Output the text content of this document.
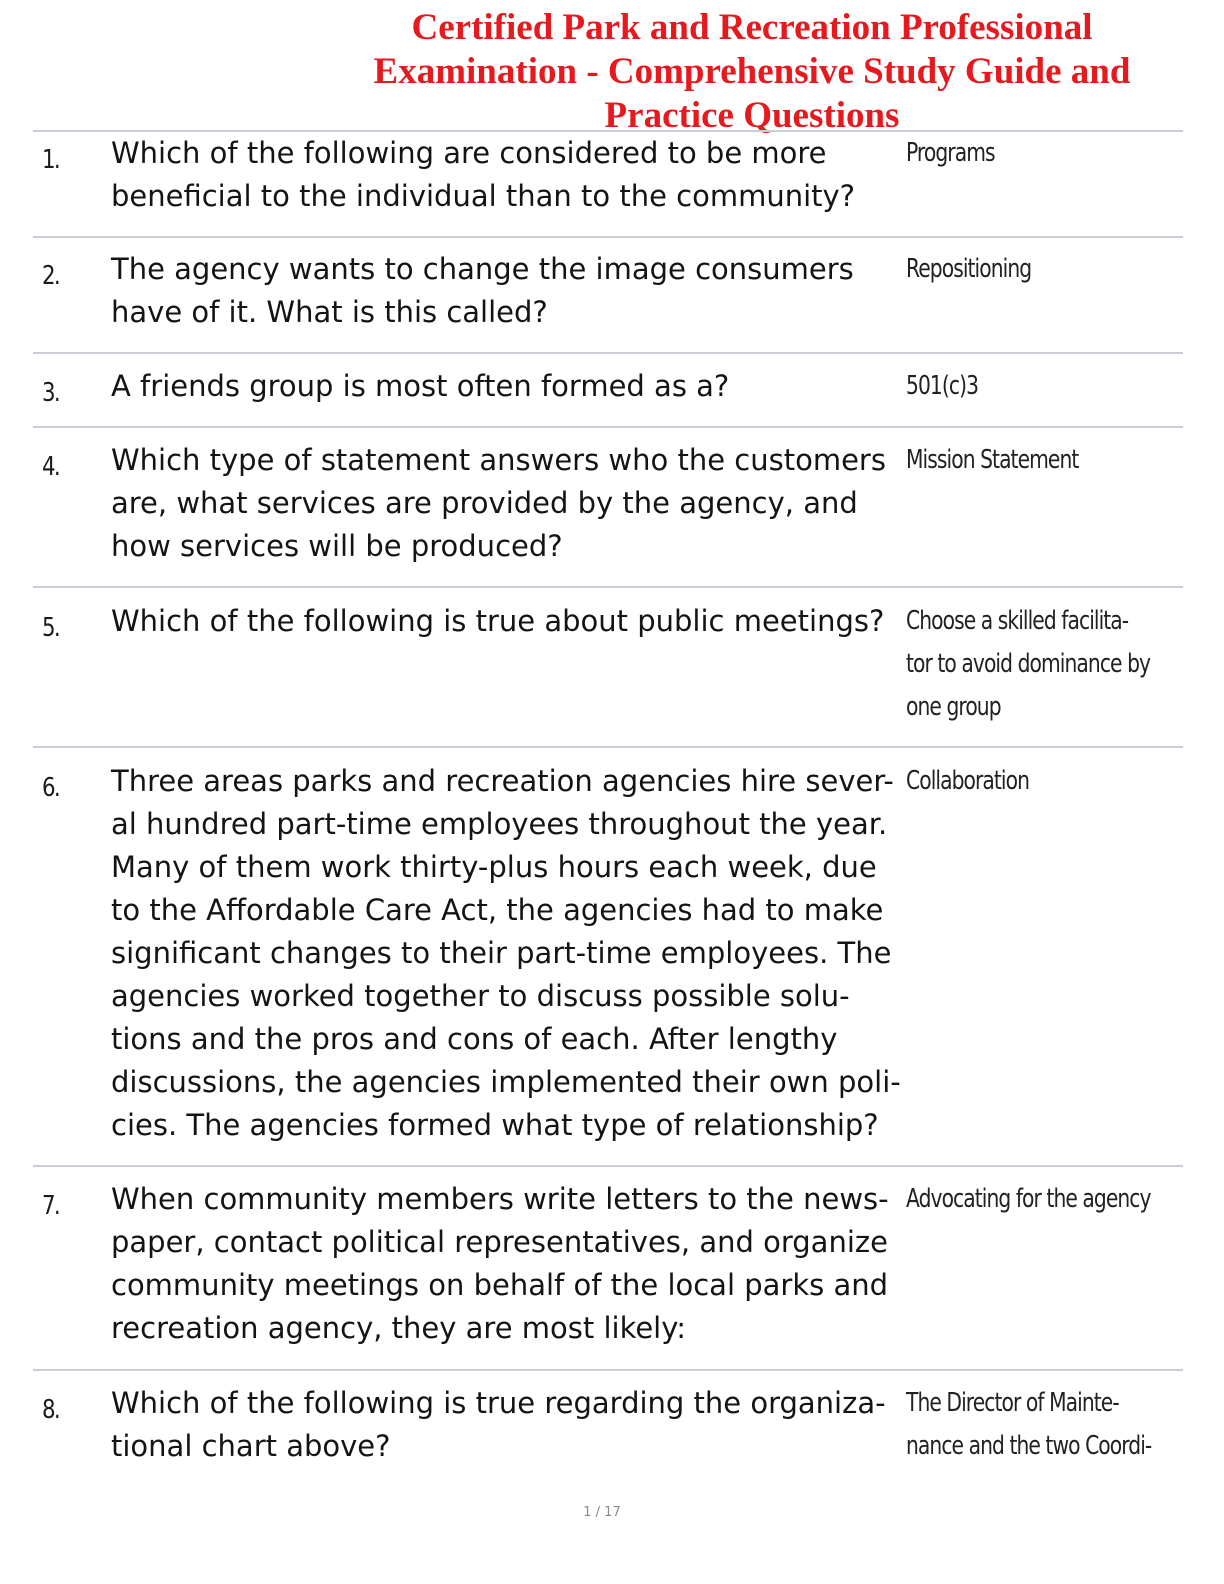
Certified Park and Recreation Professional
Examination - Comprehensive Study Guide and
Practice Questions
1. Which of the following are considered to be more
beneficial to the individual than to the community?
Programs
2. The agency wants to change the image consumers
have of it. What is this called?
Repositioning
3. A friends group is most often formed as a?	501(c)3
4. Which type of statement answers who the customers
are, what services are provided by the agency, and
how services will be produced?
Mission Statement
5. Which of the following is true about public meetings? Choose a skilled facilita-
tor to avoid dominance by
one group
6. Three areas parks and recreation agencies hire sever-
al hundred part-time employees throughout the year.
Many of them work thirty-plus hours each week, due
to the Affordable Care Act, the agencies had to make
significant changes to their part-time employees. The
agencies worked together to discuss possible solu-
tions and the pros and cons of each. After lengthy
discussions, the agencies implemented their own poli-
cies. The agencies formed what type of relationship?
Collaboration
7. When community members write letters to the news-
paper, contact political representatives, and organize
community meetings on behalf of the local parks and
recreation agency, they are most likely:
Advocating for the agency
8. Which of the following is true regarding the organiza-
tional chart above?
The Director of Mainte-
nance and the two Coordi-
1 / 17
